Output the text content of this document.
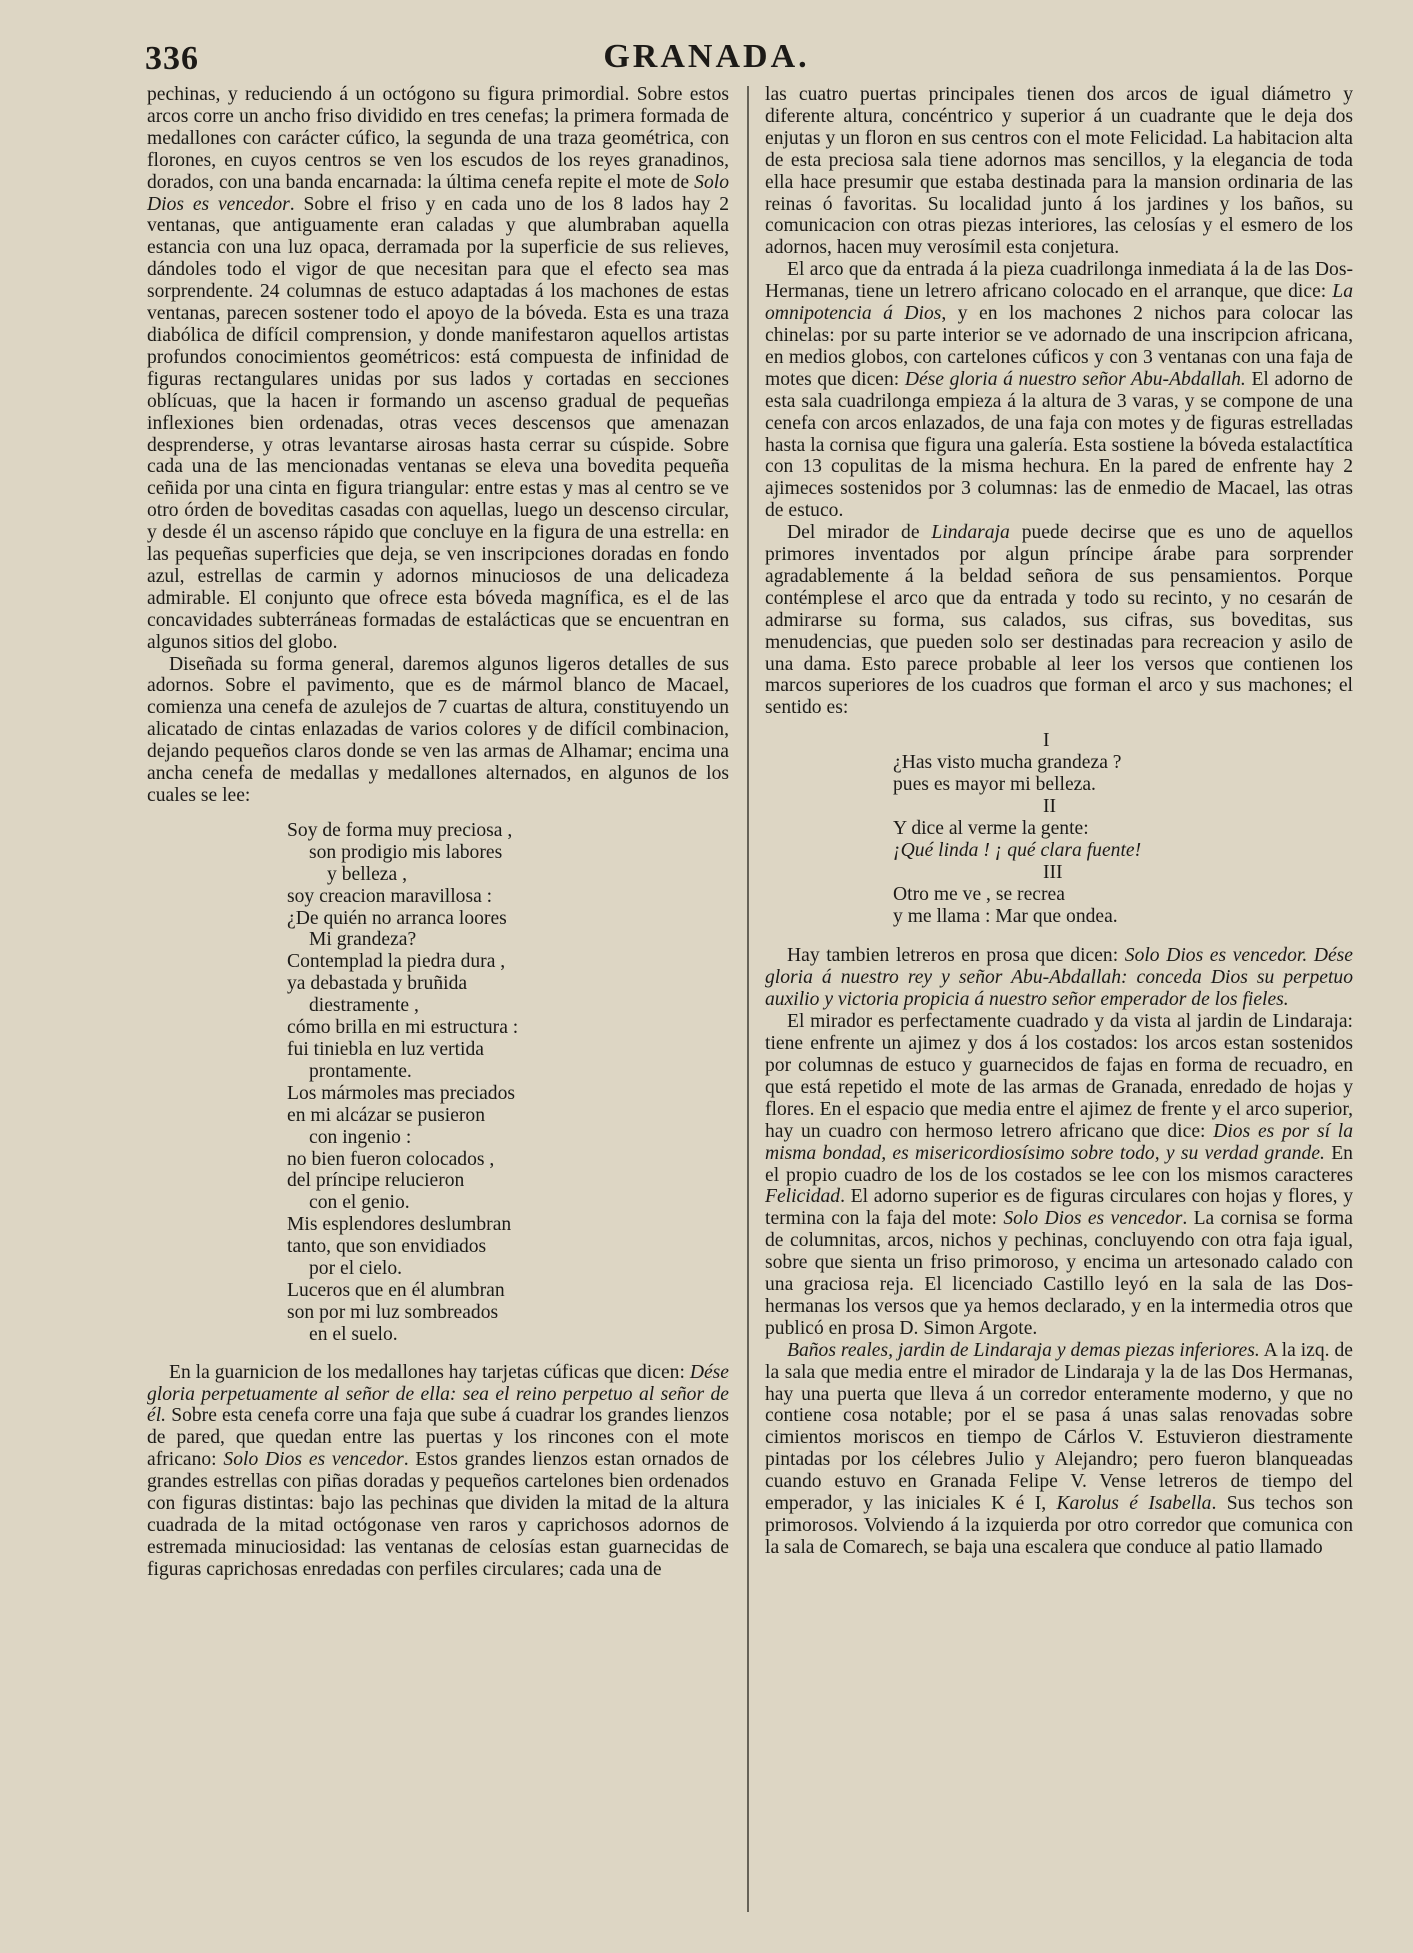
336	GRANADA.

pechinas, y reduciendo á un octógono su figura primordial. Sobre estos arcos corre un ancho friso dividido en tres cenefas; la primera formada de medallones con carácter cúfico, la segunda de una traza geométrica, con florones, en cuyos centros se ven los escudos de los reyes granadinos, dorados, con una banda encarnada: la última cenefa repite el mote de Solo Dios es vencedor. Sobre el friso y en cada uno de los 8 lados hay 2 ventanas, que antiguamente eran caladas y que alumbraban aquella estancia con una luz opaca, derramada por la superficie de sus relieves, dándoles todo el vigor de que necesitan para que el efecto sea mas sorprendente. 24 columnas de estuco adaptadas á los machones de estas ventanas, parecen sostener todo el apoyo de la bóveda. Esta es una traza diabólica de difícil comprension, y donde manifestaron aquellos artistas profundos conocimientos geométricos: está compuesta de infinidad de figuras rectangulares unidas por sus lados y cortadas en secciones oblícuas, que la hacen ir formando un ascenso gradual de pequeñas inflexiones bien ordenadas, otras veces descensos que amenazan desprenderse, y otras levantarse airosas hasta cerrar su cúspide. Sobre cada una de las mencionadas ventanas se eleva una bovedita pequeña ceñida por una cinta en figura triangular: entre estas y mas al centro se ve otro órden de boveditas casadas con aquellas, luego un descenso circular, y desde él un ascenso rápido que concluye en la figura de una estrella: en las pequeñas superficies que deja, se ven inscripciones doradas en fondo azul, estrellas de carmin y adornos minuciosos de una delicadeza admirable. El conjunto que ofrece esta bóveda magnífica, es el de las concavidades subterráneas formadas de estalácticas que se encuentran en algunos sitios del globo.

Diseñada su forma general, daremos algunos ligeros detalles de sus adornos. Sobre el pavimento, que es de mármol blanco de Macael, comienza una cenefa de azulejos de 7 cuartas de altura, constituyendo un alicatado de cintas enlazadas de varios colores y de difícil combinacion, dejando pequeños claros donde se ven las armas de Alhamar; encima una ancha cenefa de medallas y medallones alternados, en algunos de los cuales se lee:

Soy de forma muy preciosa ,
son prodigio mis labores
y belleza ,
soy creacion maravillosa :
¿De quién no arranca loores
Mi grandeza?
Contemplad la piedra dura ,
ya debastada y bruñida
diestramente ,
cómo brilla en mi estructura :
fui tiniebla en luz vertida
prontamente.
Los mármoles mas preciados
en mi alcázar se pusieron
con ingenio :
no bien fueron colocados ,
del príncipe relucieron
con el genio.
Mis esplendores deslumbran
tanto, que son envidiados
por el cielo.
Luceros que en él alumbran
son por mi luz sombreados
en el suelo.

En la guarnicion de los medallones hay tarjetas cúficas que dicen: Dése gloria perpetuamente al señor de ella: sea el reino perpetuo al señor de él. Sobre esta cenefa corre una faja que sube á cuadrar los grandes lienzos de pared, que quedan entre las puertas y los rincones con el mote africano: Solo Dios es vencedor. Estos grandes lienzos estan ornados de grandes estrellas con piñas doradas y pequeños cartelones bien ordenados con figuras distintas: bajo las pechinas que dividen la mitad de la altura cuadrada de la mitad octógonase ven raros y caprichosos adornos de estremada minuciosidad: las ventanas de celosías estan guarnecidas de figuras caprichosas enredadas con perfiles circulares; cada una de

las cuatro puertas principales tienen dos arcos de igual diámetro y diferente altura, concéntrico y superior á un cuadrante que le deja dos enjutas y un floron en sus centros con el mote Felicidad. La habitacion alta de esta preciosa sala tiene adornos mas sencillos, y la elegancia de toda ella hace presumir que estaba destinada para la mansion ordinaria de las reinas ó favoritas. Su localidad junto á los jardines y los baños, su comunicacion con otras piezas interiores, las celosías y el esmero de los adornos, hacen muy verosímil esta conjetura.

El arco que da entrada á la pieza cuadrilonga inmediata á la de las Dos-Hermanas, tiene un letrero africano colocado en el arranque, que dice: La omnipotencia á Dios, y en los machones 2 nichos para colocar las chinelas: por su parte interior se ve adornado de una inscripcion africana, en medios globos, con cartelones cúficos y con 3 ventanas con una faja de motes que dicen: Dése gloria á nuestro señor Abu-Abdallah. El adorno de esta sala cuadrilonga empieza á la altura de 3 varas, y se compone de una cenefa con arcos enlazados, de una faja con motes y de figuras estrelladas hasta la cornisa que figura una galería. Esta sostiene la bóveda estalactítica con 13 copulitas de la misma hechura. En la pared de enfrente hay 2 ajimeces sostenidos por 3 columnas: las de enmedio de Macael, las otras de estuco.

Del mirador de Lindaraja puede decirse que es uno de aquellos primores inventados por algun príncipe árabe para sorprender agradablemente á la beldad señora de sus pensamientos. Porque contémplese el arco que da entrada y todo su recinto, y no cesarán de admirarse su forma, sus calados, sus cifras, sus boveditas, sus menudencias, que pueden solo ser destinadas para recreacion y asilo de una dama. Esto parece probable al leer los versos que contienen los marcos superiores de los cuadros que forman el arco y sus machones; el sentido es:

I
¿Has visto mucha grandeza ?
pues es mayor mi belleza.
II
Y dice al verme la gente:
¡Qué linda ! ¡ qué clara fuente!
III
Otro me ve , se recrea
y me llama : Mar que ondea.

Hay tambien letreros en prosa que dicen: Solo Dios es vencedor. Dése gloria á nuestro rey y señor Abu-Abdallah: conceda Dios su perpetuo auxilio y victoria propicia á nuestro señor emperador de los fieles.

El mirador es perfectamente cuadrado y da vista al jardin de Lindaraja: tiene enfrente un ajimez y dos á los costados: los arcos estan sostenidos por columnas de estuco y guarnecidos de fajas en forma de recuadro, en que está repetido el mote de las armas de Granada, enredado de hojas y flores. En el espacio que media entre el ajimez de frente y el arco superior, hay un cuadro con hermoso letrero africano que dice: Dios es por sí la misma bondad, es misericordiosísimo sobre todo, y su verdad grande. En el propio cuadro de los de los costados se lee con los mismos caracteres Felicidad. El adorno superior es de figuras circulares con hojas y flores, y termina con la faja del mote: Solo Dios es vencedor. La cornisa se forma de columnitas, arcos, nichos y pechinas, concluyendo con otra faja igual, sobre que sienta un friso primoroso, y encima un artesonado calado con una graciosa reja. El licenciado Castillo leyó en la sala de las Dos-hermanas los versos que ya hemos declarado, y en la intermedia otros que publicó en prosa D. Simon Argote.

Baños reales, jardin de Lindaraja y demas piezas inferiores. A la izq. de la sala que media entre el mirador de Lindaraja y la de las Dos Hermanas, hay una puerta que lleva á un corredor enteramente moderno, y que no contiene cosa notable; por el se pasa á unas salas renovadas sobre cimientos moriscos en tiempo de Cárlos V. Estuvieron diestramente pintadas por los célebres Julio y Alejandro; pero fueron blanqueadas cuando estuvo en Granada Felipe V. Vense letreros de tiempo del emperador, y las iniciales K é I, Karolus é Isabella. Sus techos son primorosos. Volviendo á la izquierda por otro corredor que comunica con la sala de Comarech, se baja una escalera que conduce al patio llamado
